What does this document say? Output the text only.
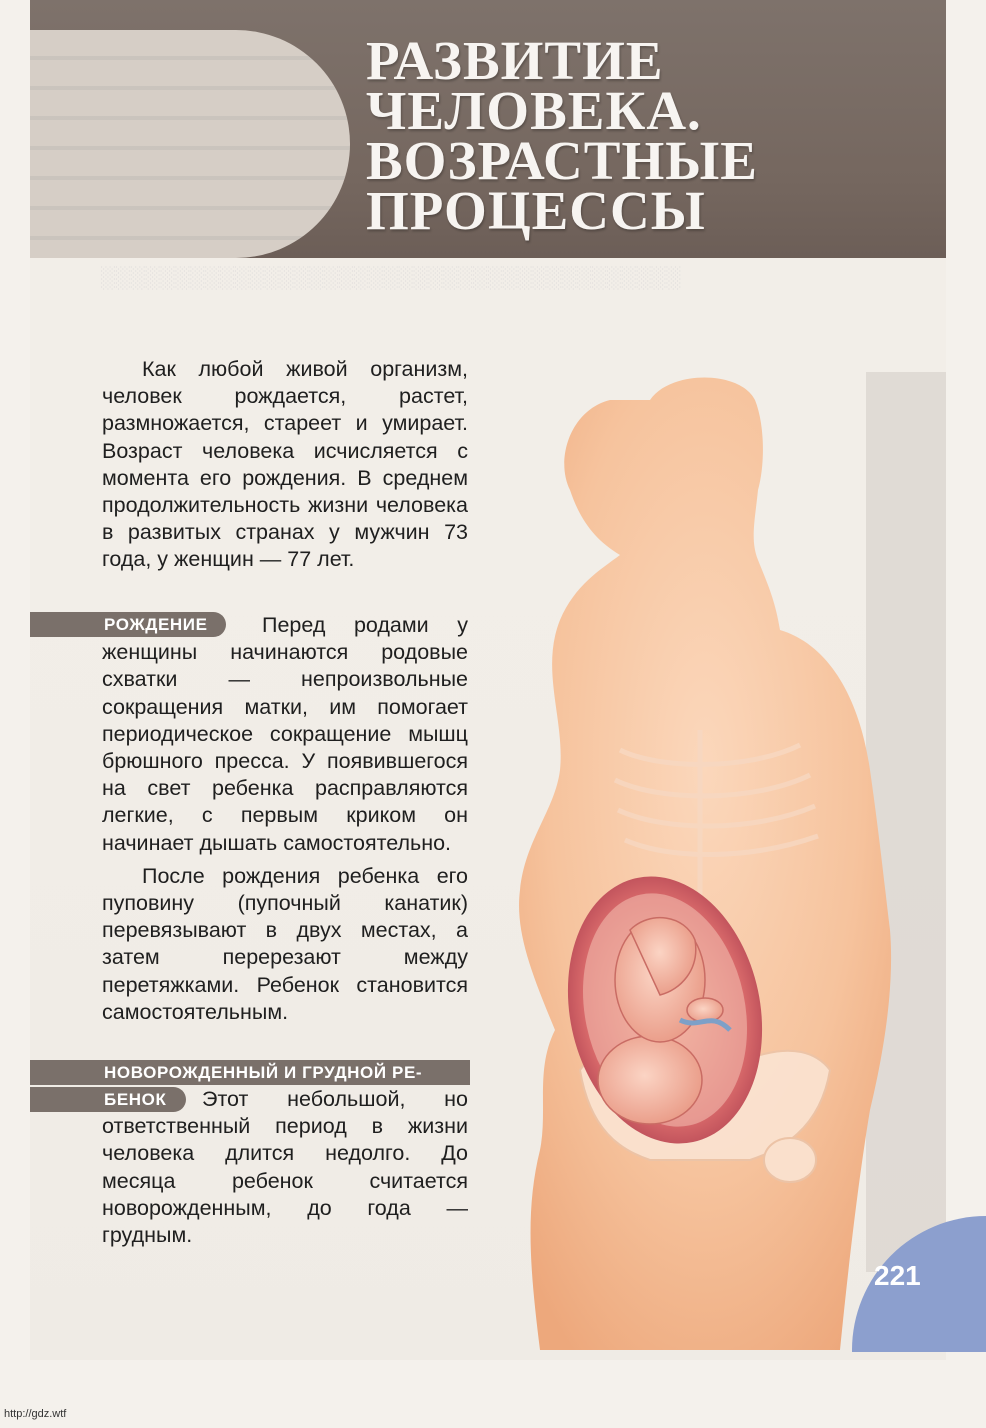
░░░░░░░░░░░░░░░░░░░░░░░░░░░░░░░░░░░░░░░
РАЗВИТИЕ
ЧЕЛОВЕКА.
ВОЗРАСТНЫЕ
ПРОЦЕССЫ

Как любой живой организм, человек рождается, растет, размножается, стареет и умирает. Возраст человека исчисляется с момента его рождения. В среднем продолжительность жизни человека в развитых странах у мужчин 73 года, у женщин — 77 лет.

РОЖДЕНИЕ	Перед родами у женщины начинаются родовые схватки — непроизвольные сокращения матки, им помогает периодическое сокращение мышц брюшного пресса. У появившегося на свет ребенка расправляются легкие, с первым криком он начинает дышать самостоятельно.

После рождения ребенка его пуповину (пупочный канатик) перевязывают в двух местах, а затем перерезают между перетяжками. Ребенок становится самостоятельным.

НОВОРОЖДЕННЫЙ И ГРУДНОЙ РЕ-
БЕНОК	Этот небольшой, но ответственный период в жизни человека длится недолго. До месяца ребенок считается новорожденным, до года — грудным.

221
http://gdz.wtf
